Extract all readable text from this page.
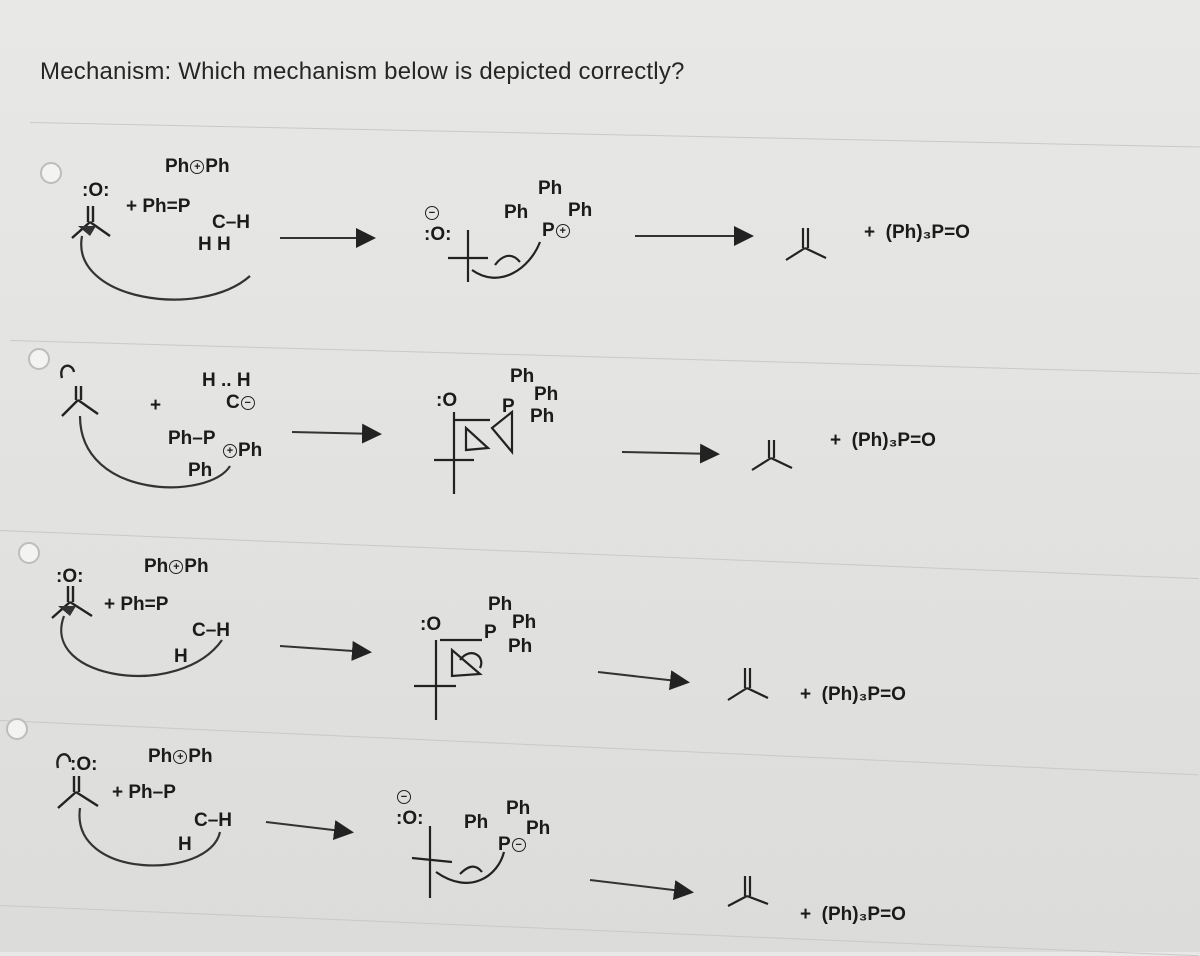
Mechanism: Which mechanism below is depicted correctly?
:O:
Ph + Ph
+ Ph=P
C–H
H H
−
:O:
Ph
Ph Ph
P +	+ (Ph)₃P=O
+
H .. H
C −
Ph–P
+ Ph
Ph
:O P
Ph
Ph
Ph
+ (Ph)₃P=O
:O:	Ph + Ph
+ Ph=P
C–H
H
:O P
Ph
Ph
Ph
+ (Ph)₃P=O
:O:	Ph + Ph
+ Ph–P
C–H
H
−
:O:	Ph
Ph Ph
P −
+ (Ph)₃P=O
